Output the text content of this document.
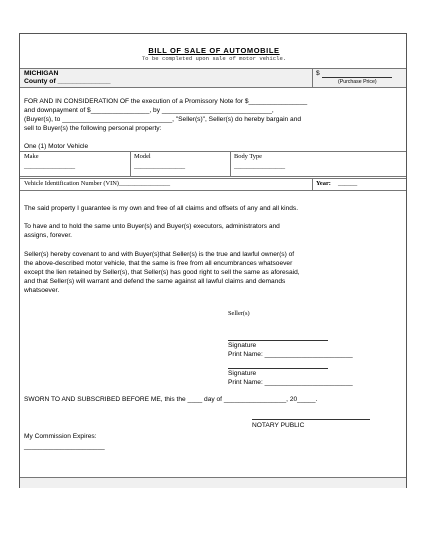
BILL OF SALE OF AUTOMOBILE
To be completed upon sale of motor vehicle.
MICHIGAN
County of ______________
$
(Purchase Price)
FOR AND IN CONSIDERATION OF the execution of a Promissory Note for $________________
and downpayment of $________________, by ______________________________,
(Buyer(s), to ______________________________, "Seller(s)", Seller(s) do hereby bargain and
sell to Buyer(s) the following personal property:
One (1) Motor Vehicle
Make
________________
Model
________________
Body Type
________________
Vehicle Identification Number (VIN)________________	Year: ______
The said property I guarantee is my own and free of all claims and offsets of any and all kinds.
To have and to hold the same unto Buyer(s) and Buyer(s) executors, administrators and
assigns, forever.
Seller(s) hereby covenant to and with Buyer(s)that Seller(s) is the true and lawful owner(s) of
the above-described motor vehicle, that the same is free from all encumbrances whatsoever
except the lien retained by Seller(s), that Seller(s) has good right to sell the same as aforesaid,
and that Seller(s) will warrant and defend the same against all lawful claims and demands
whatsoever.
Seller(s)
Signature
Print Name: ________________________
Signature
Print Name: ________________________
SWORN TO AND SUBSCRIBED BEFORE ME, this the ____ day of _________________, 20_____.
NOTARY PUBLIC
My Commission Expires:
______________________
